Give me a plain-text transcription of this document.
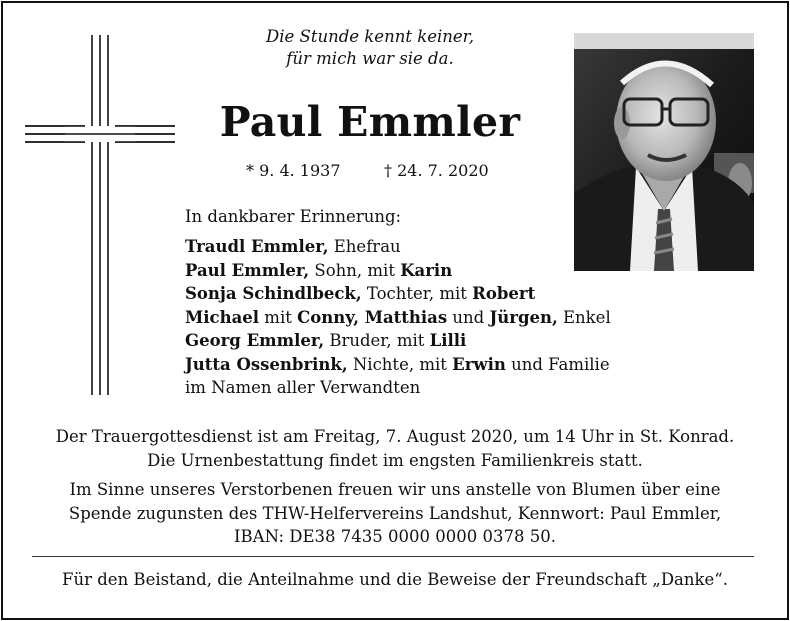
Die Stunde kennt keiner,
für mich war sie da.
Paul Emmler
* 9. 4. 1937	† 24. 7. 2020
In dankbarer Erinnerung:
Traudl Emmler, Ehefrau
Paul Emmler, Sohn, mit Karin
Sonja Schindlbeck, Tochter, mit Robert
Michael mit Conny, Matthias und Jürgen, Enkel
Georg Emmler, Bruder, mit Lilli
Jutta Ossenbrink, Nichte, mit Erwin und Familie
im Namen aller Verwandten
Der Trauergottesdienst ist am Freitag, 7. August 2020, um 14 Uhr in St. Konrad.
Die Urnenbestattung findet im engsten Familienkreis statt.
Im Sinne unseres Verstorbenen freuen wir uns anstelle von Blumen über eine
Spende zugunsten des THW-Helfervereins Landshut, Kennwort: Paul Emmler,
IBAN: DE38 7435 0000 0000 0378 50.
Für den Beistand, die Anteilnahme und die Beweise der Freundschaft „Danke“.
